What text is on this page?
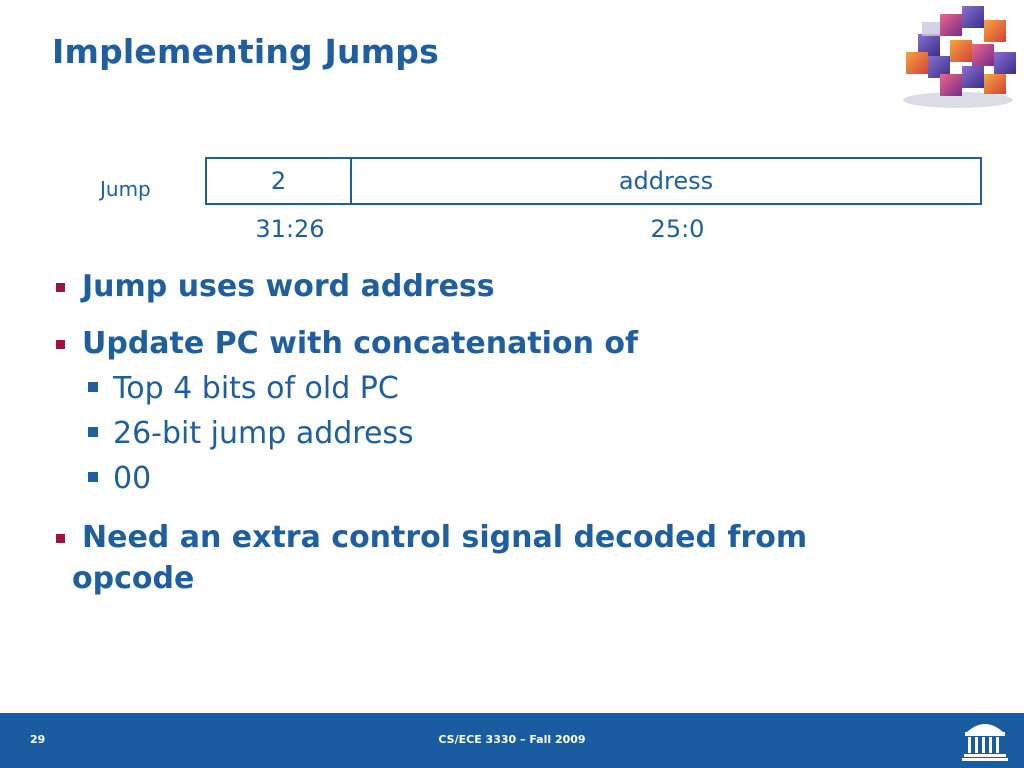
Implementing Jumps
Jump	2	address
31:26	25:0
Jump uses word address
Update PC with concatenation of
Top 4 bits of old PC
26-bit jump address
00
Need an extra control signal decoded from
opcode
29	CS/ECE 3330 – Fall 2009
